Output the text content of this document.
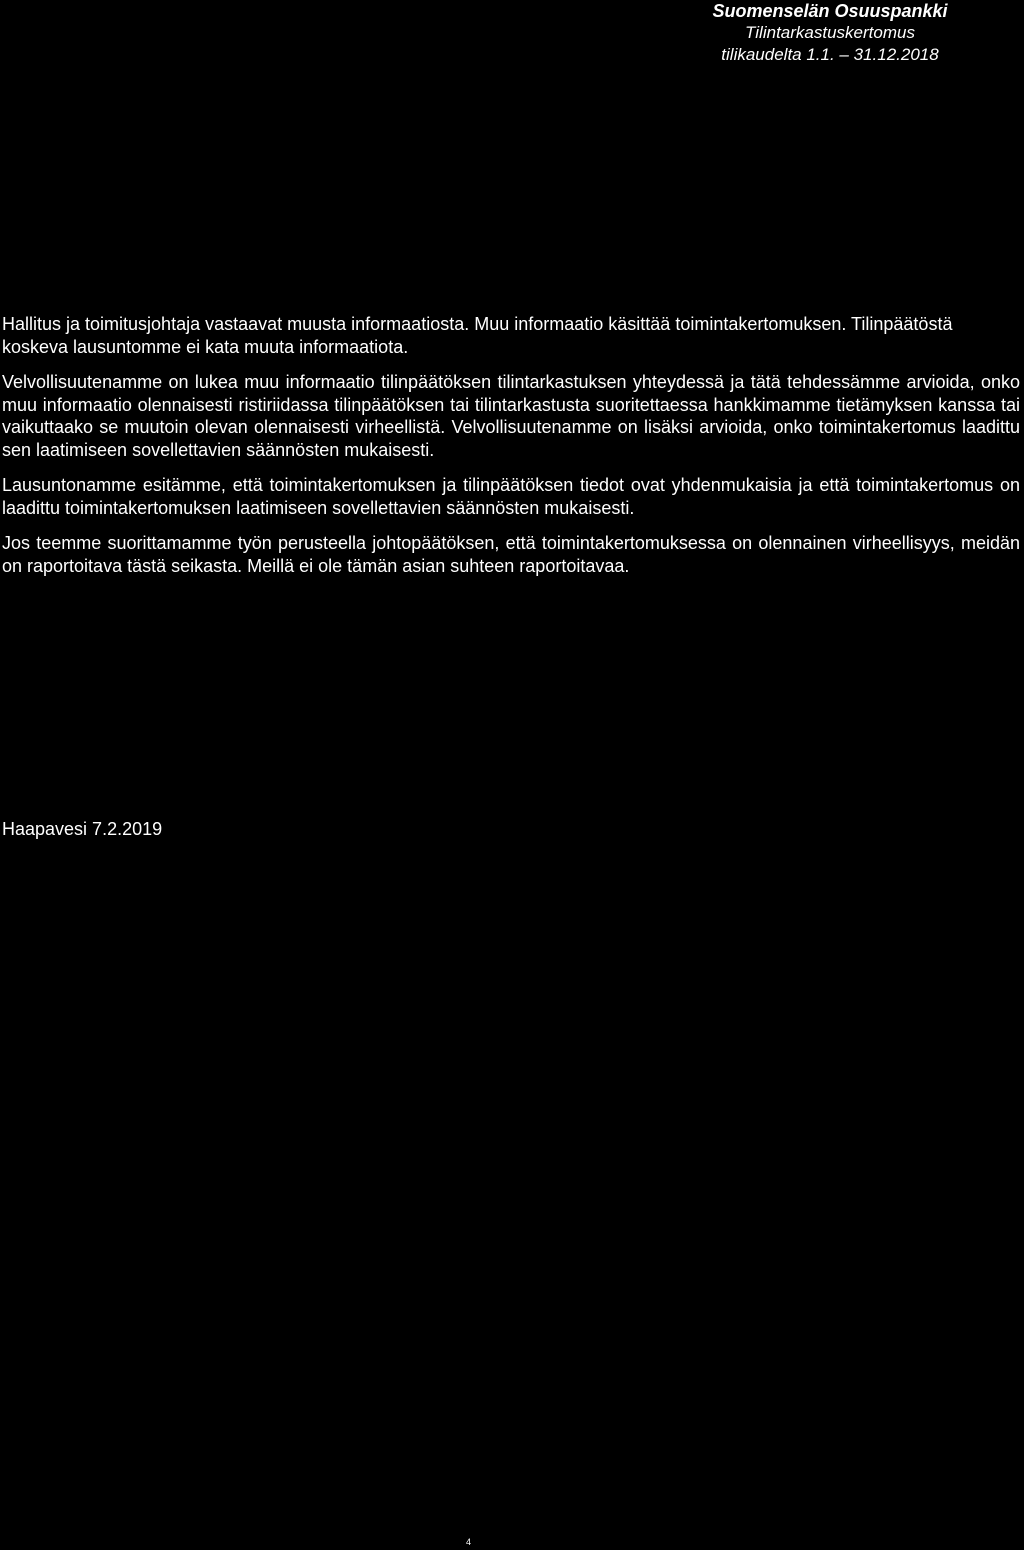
Suomenselän Osuuspankki
Tilintarkastuskertomus
tilikaudelta 1.1. – 31.12.2018

Hallitus ja toimitusjohtaja vastaavat muusta informaatiosta. Muu informaatio käsittää toimintakertomuksen. Tilinpäätöstä koskeva lausuntomme ei kata muuta informaatiota.

Velvollisuutenamme on lukea muu informaatio tilinpäätöksen tilintarkastuksen yhteydessä ja tätä tehdessämme arvioida, onko muu informaatio olennaisesti ristiriidassa tilinpäätöksen tai tilintarkastusta suoritettaessa hankkimamme tietämyksen kanssa tai vaikuttaako se muutoin olevan olennaisesti virheellistä. Velvollisuutenamme on lisäksi arvioida, onko toimintakertomus laadittu sen laatimiseen sovellettavien säännösten mukaisesti.

Lausuntonamme esitämme, että toimintakertomuksen ja tilinpäätöksen tiedot ovat yhdenmukaisia ja että toimintakertomus on laadittu toimintakertomuksen laatimiseen sovellettavien säännösten mukaisesti.

Jos teemme suorittamamme työn perusteella johtopäätöksen, että toimintakertomuksessa on olennainen virheellisyys, meidän on raportoitava tästä seikasta. Meillä ei ole tämän asian suhteen raportoitavaa.

Haapavesi 7.2.2019
4
